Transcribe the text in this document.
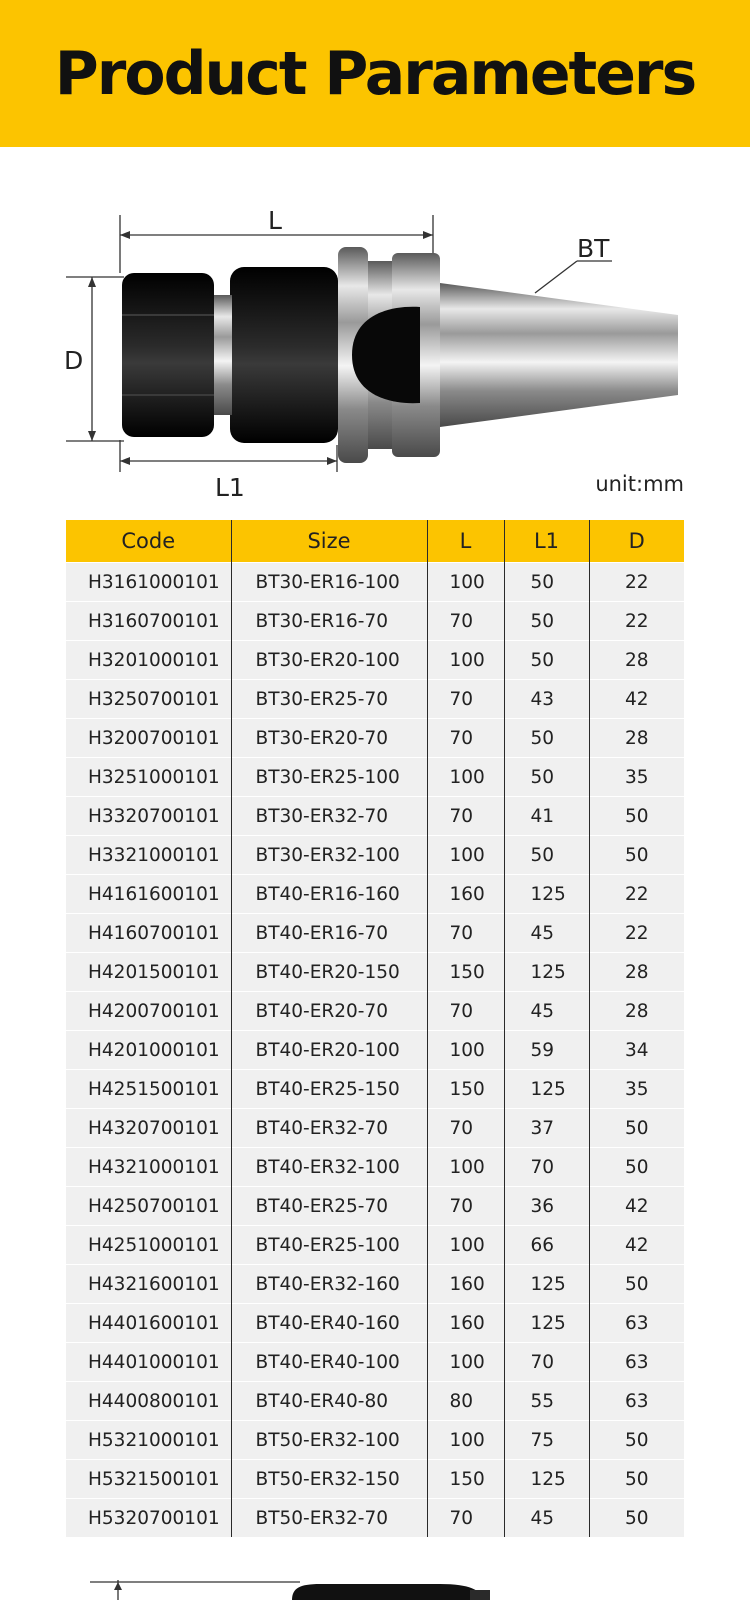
Product Parameters
L
BT
D
L1	unit:mm
Code	Size	L	L1	D
H3161000101	BT30-ER16-100	100	50	22
H3160700101	BT30-ER16-70	70	50	22
H3201000101	BT30-ER20-100	100	50	28
H3250700101	BT30-ER25-70	70	43	42
H3200700101	BT30-ER20-70	70	50	28
H3251000101	BT30-ER25-100	100	50	35
H3320700101	BT30-ER32-70	70	41	50
H3321000101	BT30-ER32-100	100	50	50
H4161600101	BT40-ER16-160	160	125	22
H4160700101	BT40-ER16-70	70	45	22
H4201500101	BT40-ER20-150	150	125	28
H4200700101	BT40-ER20-70	70	45	28
H4201000101	BT40-ER20-100	100	59	34
H4251500101	BT40-ER25-150	150	125	35
H4320700101	BT40-ER32-70	70	37	50
H4321000101	BT40-ER32-100	100	70	50
H4250700101	BT40-ER25-70	70	36	42
H4251000101	BT40-ER25-100	100	66	42
H4321600101	BT40-ER32-160	160	125	50
H4401600101	BT40-ER40-160	160	125	63
H4401000101	BT40-ER40-100	100	70	63
H4400800101	BT40-ER40-80	80	55	63
H5321000101	BT50-ER32-100	100	75	50
H5321500101	BT50-ER32-150	150	125	50
H5320700101	BT50-ER32-70	70	45	50
